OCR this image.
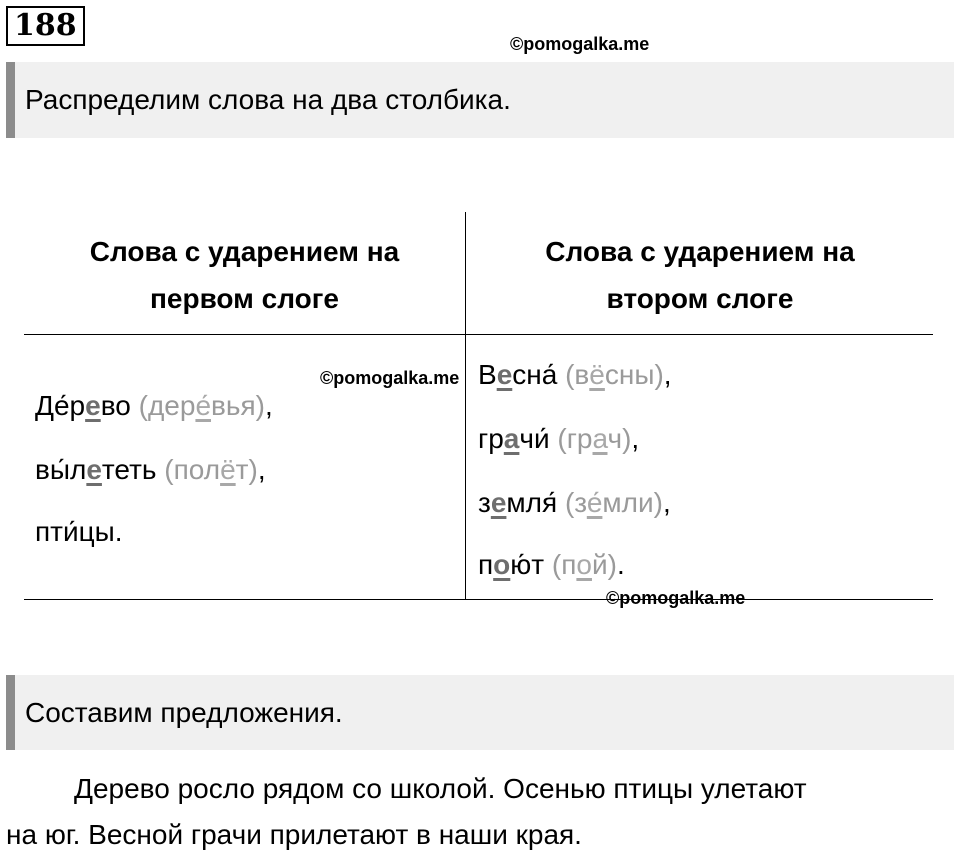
188
©pomogalka.me
Распределим слова на два столбика.
Слова с ударением на
первом слоге
Слова с ударением на
втором слоге
©pomogalka.me
©pomogalka.me
Де́рево (дере́вья),
вы́лететь (полёт),
пти́цы.
Весна́ (вёсны),
грачи́ (грач),
земля́ (зе́мли),
пою́т (пой).
Составим предложения.
Дерево росло рядом со школой. Осенью птицы улетают
на юг. Весной грачи прилетают в наши края.
